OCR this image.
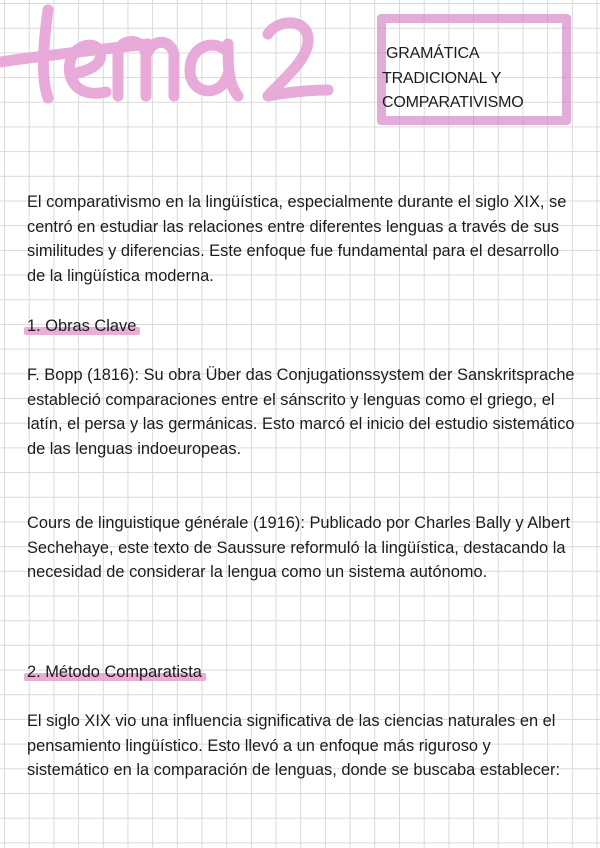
GRAMÁTICA
TRADICIONAL Y
COMPARATIVISMO

El comparativismo en la lingüística, especialmente durante el siglo XIX, se centró en estudiar las relaciones entre diferentes lenguas a través de sus similitudes y diferencias. Este enfoque fue fundamental para el desarrollo de la lingüística moderna.

1. Obras Clave

F. Bopp (1816): Su obra Über das Conjugationssystem der Sanskritsprache estableció comparaciones entre el sánscrito y lenguas como el griego, el latín, el persa y las germánicas. Esto marcó el inicio del estudio sistemático de las lenguas indoeuropeas.

Cours de linguistique générale (1916): Publicado por Charles Bally y Albert Sechehaye, este texto de Saussure reformuló la lingüística, destacando la necesidad de considerar la lengua como un sistema autónomo.

2. Método Comparatista

El siglo XIX vio una influencia significativa de las ciencias naturales en el pensamiento lingüístico. Esto llevó a un enfoque más riguroso y sistemático en la comparación de lenguas, donde se buscaba establecer:
